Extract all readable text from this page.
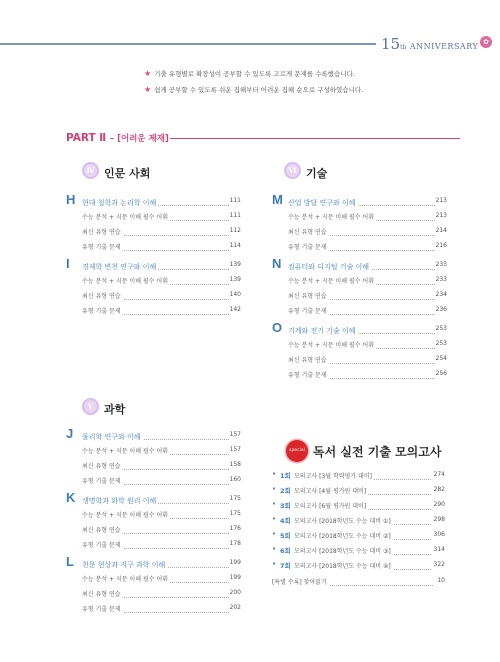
15th ANNIVERSARY ✿
★ 기출 유형별로 확장성이 공부할 수 있도록 고르게 문제를 수록했습니다.
★ 쉽게 공부할 수 있도록 쉬운 집해부터 어려운 집해 순으로 구성하였습니다.
PART Ⅱ – [어려운 제재]
Ⅳ 인문 사회	Ⅵ 기술
Ⅴ 과학
H 현대 철학과 논리학 이해	111
수능 분석 + 지문 이해 필수 어휘	111
최신 유형 연습	112
유형 기출 문제	114
I 경제학 변천 연구와 이해	139
수능 분석 + 지문 이해 필수 어휘	139
최신 유형 연습	140
유형 기출 문제	142
J 물리학 연구와 이해	157
수능 분석 + 지문 이해 필수 어휘	157
최신 유형 연습	158
유형 기출 문제	160
K 생명학과 화학 원리 이해	175
수능 분석 + 지문 이해 필수 어휘	175
최신 유형 연습	176
유형 기출 문제	178
L 천문 현상과 지구 과학 이해	199
수능 분석 + 지문 이해 필수 어휘	199
최신 유형 연습	200
유형 기출 문제	202
M 산업 발달 연구와 이해	213
수능 분석 + 지문 이해 필수 어휘	213
최신 유형 연습	214
유형 기출 문제	216
N 컴퓨터와 디지털 기술 이해	233
수능 분석 + 지문 이해 필수 어휘	233
최신 유형 연습	234
유형 기출 문제	236
O 기계와 전기 기술 이해	253
수능 분석 + 지문 이해 필수 어휘	253
최신 유형 연습	254
유형 기출 문제	256
special 독서 실전 기출 모의고사
• 1회 모의고사 [3월 학력평가 대비]	274
• 2회 모의고사 [4월 평가원 대비]	282
• 3회 모의고사 [6월 평가원 대비]	290
• 4회 모의고사 [2018학년도 수능 대비 ①]	298
• 5회 모의고사 [2018학년도 수능 대비 ②]	306
• 6회 모의고사 [2018학년도 수능 대비 ③]	314
• 7회 모의고사 [2018학년도 수능 대비 ④]	322
[특별 수록] 찾아읽기	10
